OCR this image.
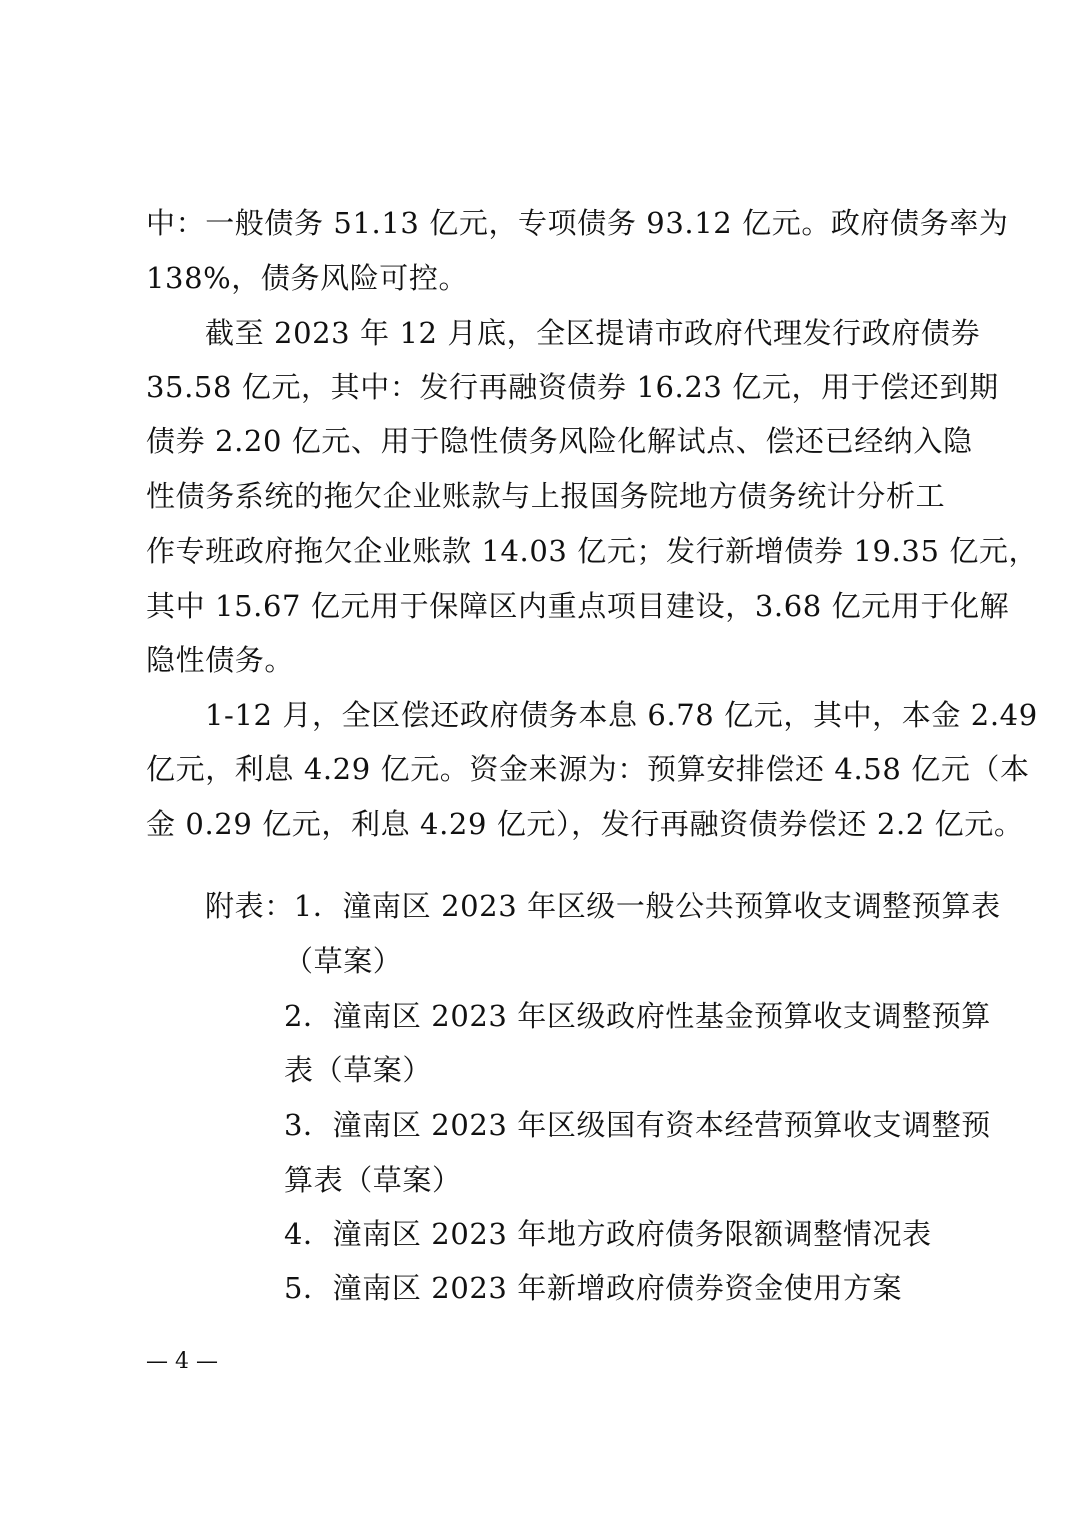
中：一般债务 51.13 亿元，专项债务 93.12 亿元。政府债务率为
138%，债务风险可控。
截至 2023 年 12 月底，全区提请市政府代理发行政府债券
35.58 亿元，其中：发行再融资债券 16.23 亿元，用于偿还到期
债券 2.20 亿元、用于隐性债务风险化解试点、偿还已经纳入隐
性债务系统的拖欠企业账款与上报国务院地方债务统计分析工
作专班政府拖欠企业账款 14.03 亿元；发行新增债券 19.35 亿元，
其中 15.67 亿元用于保障区内重点项目建设，3.68 亿元用于化解
隐性债务。
1-12 月，全区偿还政府债务本息 6.78 亿元，其中，本金 2.49
亿元，利息 4.29 亿元。资金来源为：预算安排偿还 4.58 亿元（本
金 0.29 亿元，利息 4.29 亿元），发行再融资债券偿还 2.2 亿元。
附表：1．潼南区 2023 年区级一般公共预算收支调整预算表
（草案）
2．潼南区 2023 年区级政府性基金预算收支调整预算
表（草案）
3．潼南区 2023 年区级国有资本经营预算收支调整预
算表（草案）
4．潼南区 2023 年地方政府债务限额调整情况表
5．潼南区 2023 年新增政府债券资金使用方案
— 4 —
